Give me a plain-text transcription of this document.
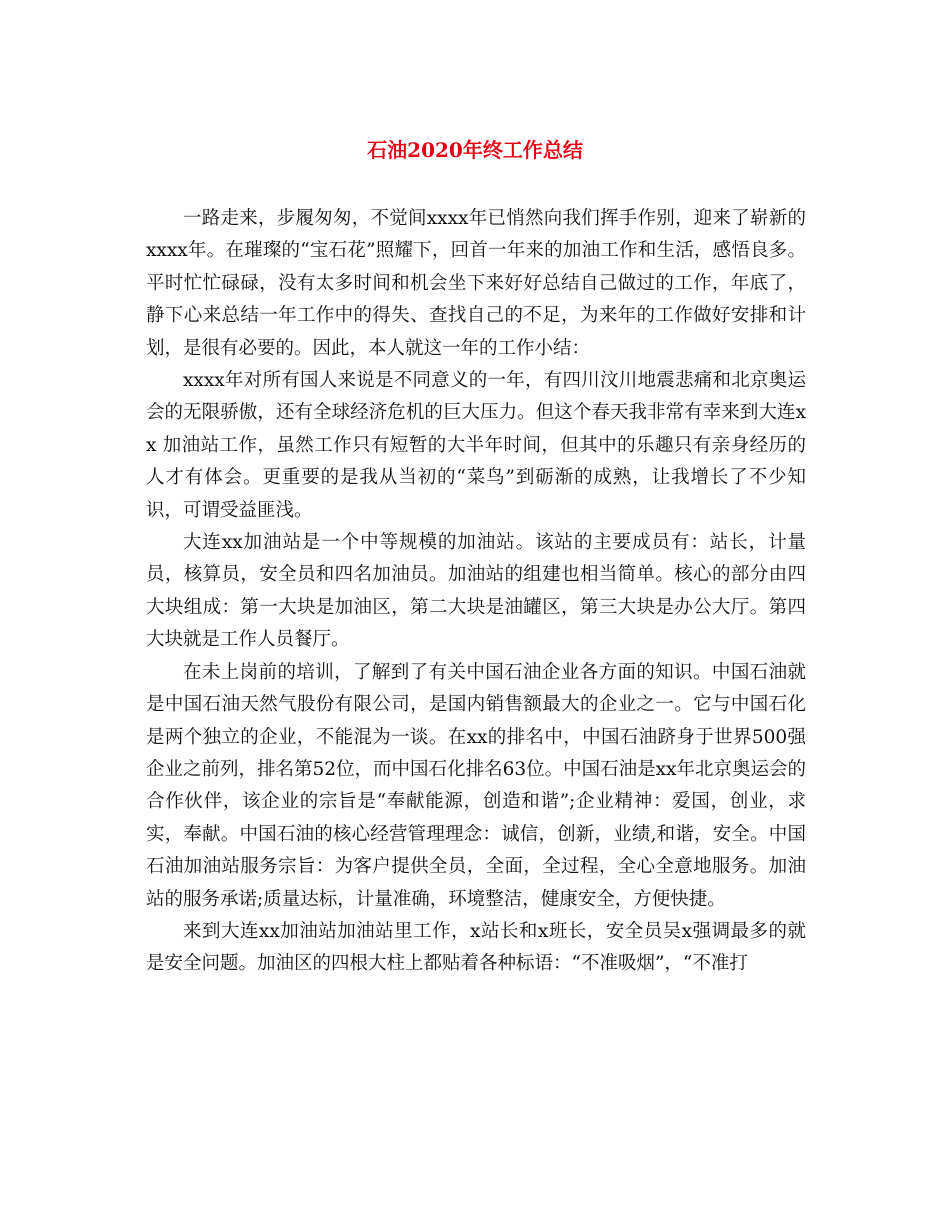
石油2020年终工作总结

一路走来，步履匆匆，不觉间xxxx年已悄然向我们挥手作别，迎来了崭新的xxxx年。在璀璨的“宝石花”照耀下，回首一年来的加油工作和生活，感悟良多。平时忙忙碌碌，没有太多时间和机会坐下来好好总结自己做过的工作，年底了，静下心来总结一年工作中的得失、查找自己的不足，为来年的工作做好安排和计划，是很有必要的。因此，本人就这一年的工作小结：

xxxx年对所有国人来说是不同意义的一年，有四川汶川地震悲痛和北京奥运会的无限骄傲，还有全球经济危机的巨大压力。但这个春天我非常有幸来到大连xx 加油站工作，虽然工作只有短暂的大半年时间，但其中的乐趣只有亲身经历的人才有体会。更重要的是我从当初的“菜鸟”到砺渐的成熟，让我增长了不少知识，可谓受益匪浅。

大连xx加油站是一个中等规模的加油站。该站的主要成员有：站长，计量员，核算员，安全员和四名加油员。加油站的组建也相当简单。核心的部分由四大块组成：第一大块是加油区，第二大块是油罐区，第三大块是办公大厅。第四大块就是工作人员餐厅。

在未上岗前的培训，了解到了有关中国石油企业各方面的知识。中国石油就是中国石油天然气股份有限公司，是国内销售额最大的企业之一。它与中国石化是两个独立的企业，不能混为一谈。在xx的排名中，中国石油跻身于世界500强企业之前列，排名第52位，而中国石化排名63位。中国石油是xx年北京奥运会的合作伙伴，该企业的宗旨是“奉献能源，创造和谐”;企业精神：爱国，创业，求实，奉献。中国石油的核心经营管理理念：诚信，创新，业绩,和谐，安全。中国石油加油站服务宗旨：为客户提供全员，全面，全过程，全心全意地服务。加油站的服务承诺;质量达标，计量准确，环境整洁，健康安全，方便快捷。

来到大连xx加油站加油站里工作，x站长和x班长，安全员吴x强调最多的就是安全问题。加油区的四根大柱上都贴着各种标语：“不准吸烟”，“不准打
